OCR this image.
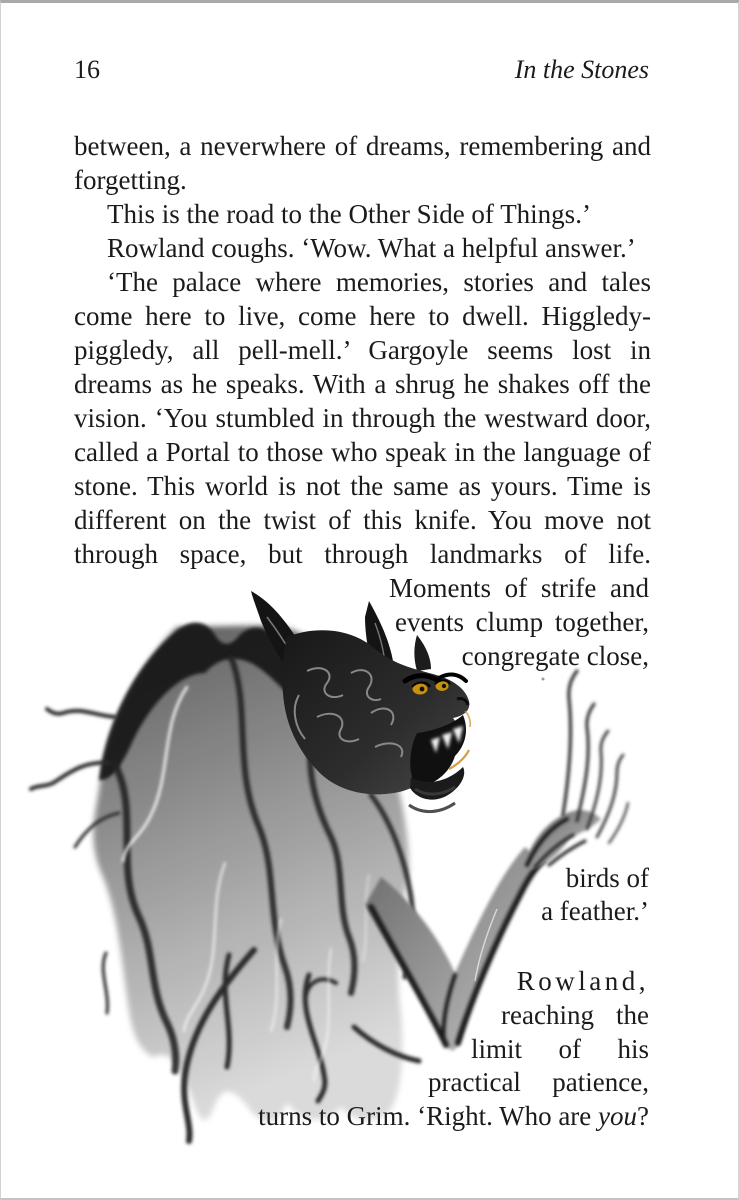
16	In the Stones
between, a neverwhere of dreams, remembering and
forgetting.
This is the road to the Other Side of Things.’
Rowland coughs. ‘Wow. What a helpful answer.’
‘The palace where memories, stories and tales
come here to live, come here to dwell. Higgledy-
piggledy, all pell-mell.’ Gargoyle seems lost in
dreams as he speaks. With a shrug he shakes off the
vision. ‘You stumbled in through the westward door,
called a Portal to those who speak in the language of
stone. This world is not the same as yours. Time is
different on the twist of this knife. You move not
through space, but through landmarks of life.
Moments of strife and
events clump together,
congregate close,
birds of
a feather.’
Rowland,
reaching the
limit of his
practical patience,
turns to Grim. ‘Right. Who are you?
